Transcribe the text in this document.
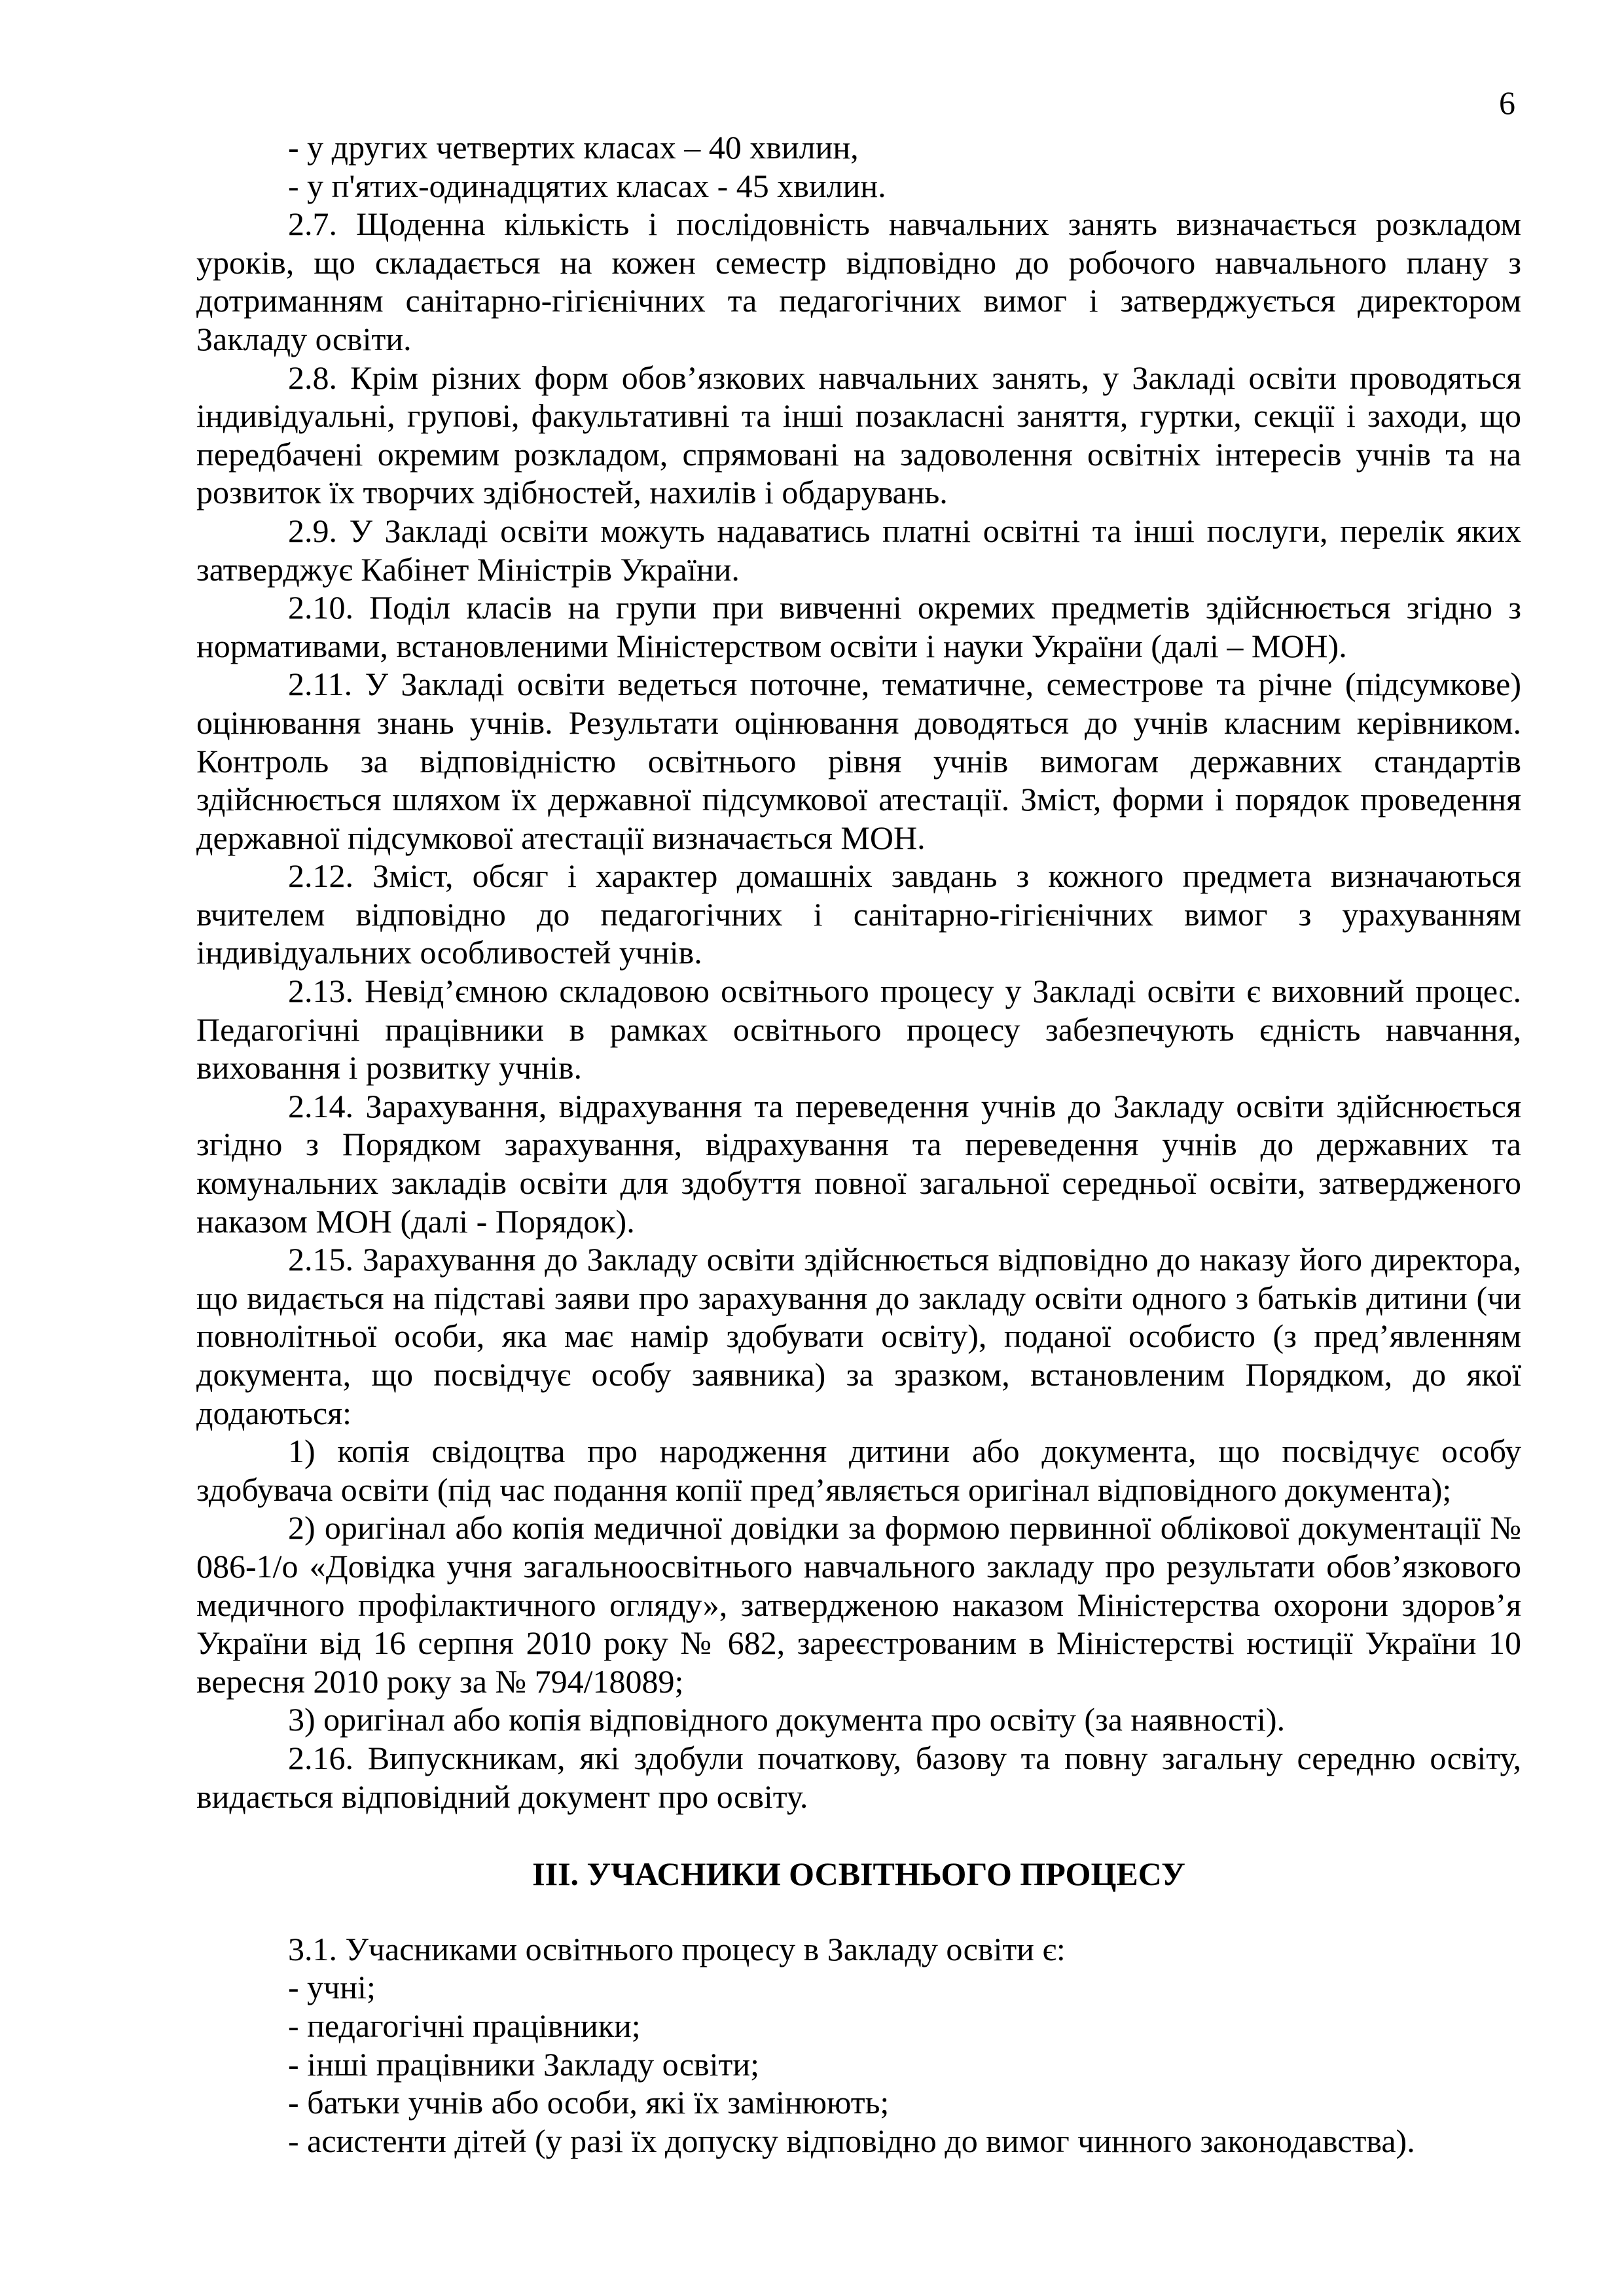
6

- у других четвертих класах – 40 хвилин,

- у п'ятих-одинадцятих класах - 45 хвилин.

2.7. Щоденна кількість і послідовність навчальних занять визначається розкладом уроків, що складається на кожен семестр відповідно до робочого навчального плану з дотриманням санітарно-гігієнічних та педагогічних вимог і затверджується директором Закладу освіти.

2.8. Крім різних форм обов’язкових навчальних занять, у Закладі освіти проводяться індивідуальні, групові, факультативні та інші позакласні заняття, гуртки, секції і заходи, що передбачені окремим розкладом, спрямовані на задоволення освітніх інтересів учнів та на розвиток їх творчих здібностей, нахилів і обдарувань.

2.9. У Закладі освіти можуть надаватись платні освітні та інші послуги, перелік яких затверджує Кабінет Міністрів України.

2.10. Поділ класів на групи при вивченні окремих предметів здійснюється згідно з нормативами, встановленими Міністерством освіти і науки України (далі – МОН).

2.11. У Закладі освіти ведеться поточне, тематичне, семестрове та річне (підсумкове) оцінювання знань учнів. Результати оцінювання доводяться до учнів класним керівником. Контроль за відповідністю освітнього рівня учнів вимогам державних стандартів здійснюється шляхом їх державної підсумкової атестації. Зміст, форми і порядок проведення державної підсумкової атестації визначається МОН.

2.12. Зміст, обсяг і характер домашніх завдань з кожного предмета визначаються вчителем відповідно до педагогічних і санітарно-гігієнічних вимог з урахуванням індивідуальних особливостей учнів.

2.13. Невід’ємною складовою освітнього процесу у Закладі освіти є виховний процес. Педагогічні працівники в рамках освітнього процесу забезпечують єдність навчання, виховання і розвитку учнів.

2.14. Зарахування, відрахування та переведення учнів до Закладу освіти здійснюється згідно з Порядком зарахування, відрахування та переведення учнів до державних та комунальних закладів освіти для здобуття повної загальної середньої освіти, затвердженого наказом МОН (далі - Порядок).

2.15. Зарахування до Закладу освіти здійснюється відповідно до наказу його директора, що видається на підставі заяви про зарахування до закладу освіти одного з батьків дитини (чи повнолітньої особи, яка має намір здобувати освіту), поданої особисто (з пред’явленням документа, що посвідчує особу заявника) за зразком, встановленим Порядком, до якої додаються:

1) копія свідоцтва про народження дитини або документа, що посвідчує особу здобувача освіти (під час подання копії пред’являється оригінал відповідного документа);

2) оригінал або копія медичної довідки за формою первинної облікової документації № 086-1/о «Довідка учня загальноосвітнього навчального закладу про результати обов’язкового медичного профілактичного огляду», затвердженою наказом Міністерства охорони здоров’я України від 16 серпня 2010 року № 682, зареєстрованим в Міністерстві юстиції України 10 вересня 2010 року за № 794/18089;

3) оригінал або копія відповідного документа про освіту (за наявності).

2.16. Випускникам, які здобули початкову, базову та повну загальну середню освіту, видається відповідний документ про освіту.

ІІІ. УЧАСНИКИ ОСВІТНЬОГО ПРОЦЕСУ

3.1. Учасниками освітнього процесу в Закладу освіти є:

- учні;

- педагогічні працівники;

- інші працівники Закладу освіти;

- батьки учнів або особи, які їх замінюють;

- асистенти дітей (у разі їх допуску відповідно до вимог чинного законодавства).
